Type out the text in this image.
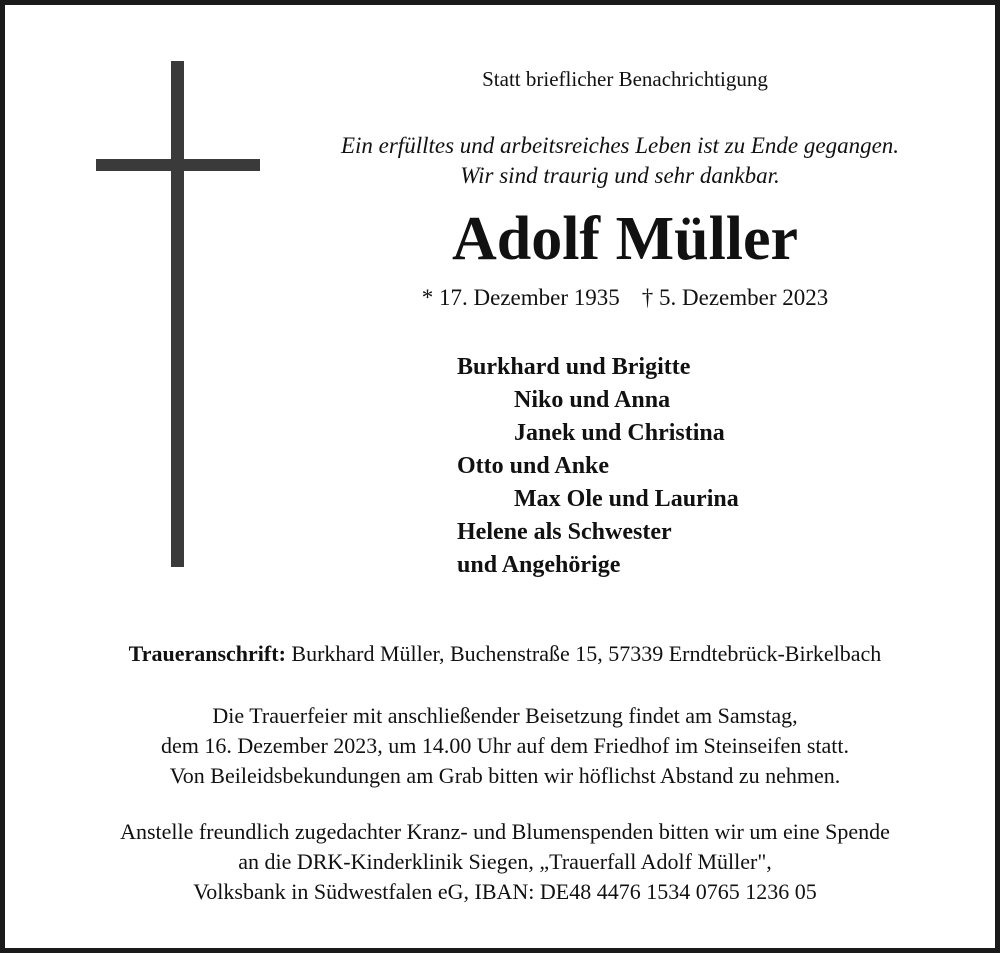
Statt brieflicher Benachrichtigung
Ein erfülltes und arbeitsreiches Leben ist zu Ende gegangen.
Wir sind traurig und sehr dankbar.
Adolf Müller
* 17. Dezember 1935 † 5. Dezember 2023
Burkhard und Brigitte
Niko und Anna
Janek und Christina
Otto und Anke
Max Ole und Laurina
Helene als Schwester
und Angehörige
Traueranschrift: Burkhard Müller, Buchenstraße 15, 57339 Erndtebrück-Birkelbach
Die Trauerfeier mit anschließender Beisetzung findet am Samstag,
dem 16. Dezember 2023, um 14.00 Uhr auf dem Friedhof im Steinseifen statt.
Von Beileidsbekundungen am Grab bitten wir höflichst Abstand zu nehmen.
Anstelle freundlich zugedachter Kranz- und Blumenspenden bitten wir um eine Spende
an die DRK-Kinderklinik Siegen, „Trauerfall Adolf Müller",
Volksbank in Südwestfalen eG, IBAN: DE48 4476 1534 0765 1236 05
